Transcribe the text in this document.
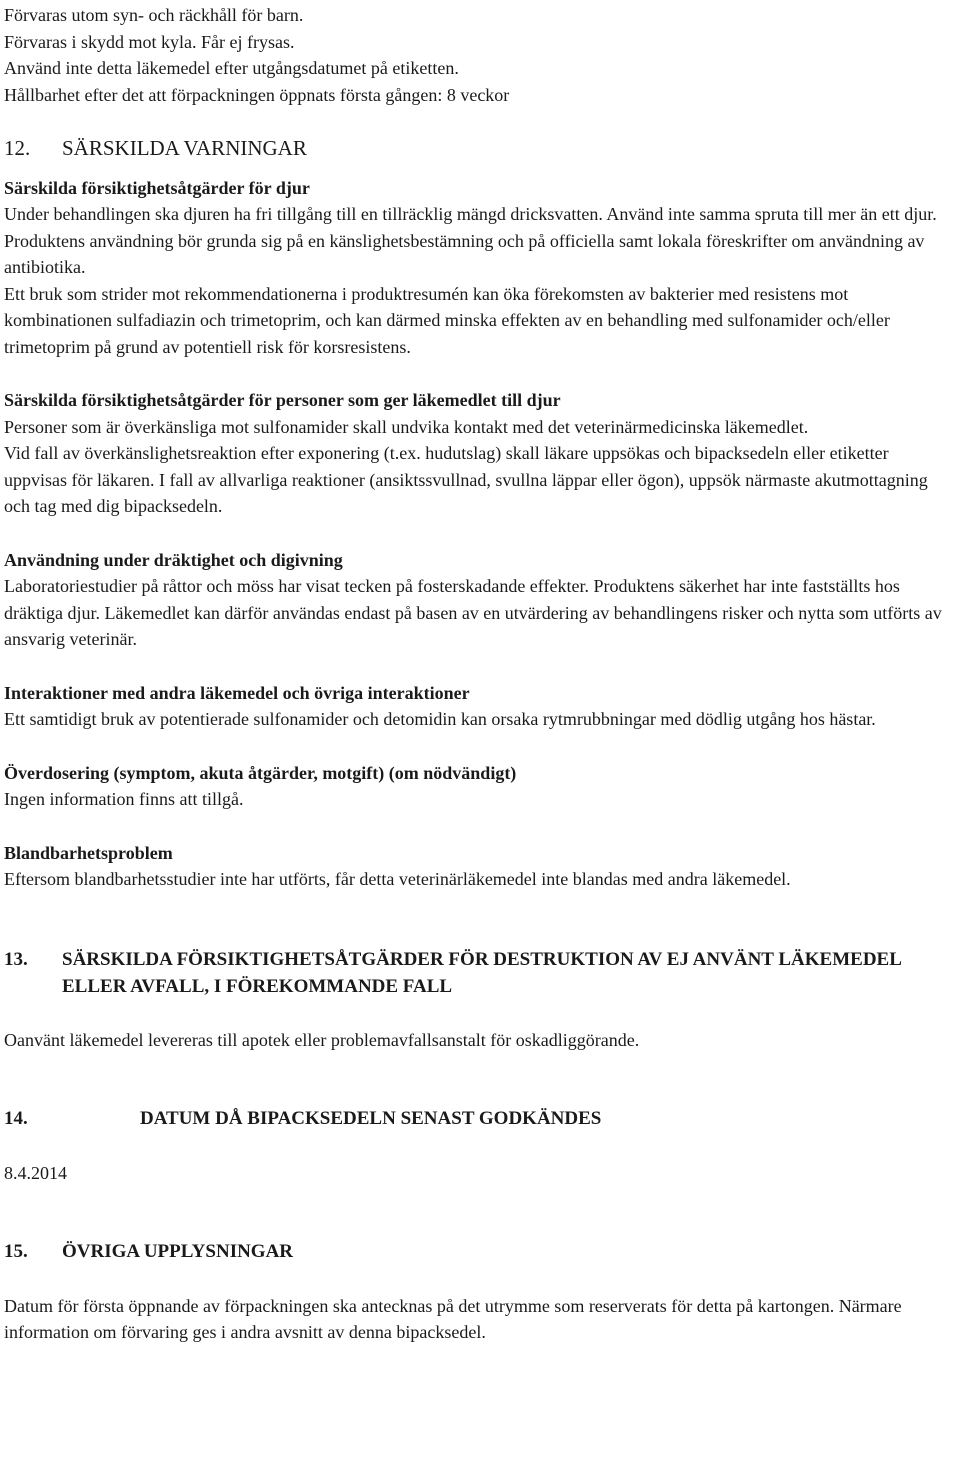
Förvaras utom syn- och räckhåll för barn.

Förvaras i skydd mot kyla. Får ej frysas.

Använd inte detta läkemedel efter utgångsdatumet på etiketten.

Hållbarhet efter det att förpackningen öppnats första gången: 8 veckor

12.	SÄRSKILDA VARNINGAR

Särskilda försiktighetsåtgärder för djur

Under behandlingen ska djuren ha fri tillgång till en tillräcklig mängd dricksvatten. Använd inte samma spruta till mer än ett djur. Produktens användning bör grunda sig på en känslighetsbestämning och på officiella samt lokala föreskrifter om användning av antibiotika.

Ett bruk som strider mot rekommendationerna i produktresumén kan öka förekomsten av bakterier med resistens mot kombinationen sulfadiazin och trimetoprim, och kan därmed minska effekten av en behandling med sulfonamider och/eller trimetoprim på grund av potentiell risk för korsresistens.

Särskilda försiktighetsåtgärder för personer som ger läkemedlet till djur

Personer som är överkänsliga mot sulfonamider skall undvika kontakt med det veterinärmedicinska läkemedlet.

Vid fall av överkänslighetsreaktion efter exponering (t.ex. hudutslag) skall läkare uppsökas och bipacksedeln eller etiketter uppvisas för läkaren. I fall av allvarliga reaktioner (ansiktssvullnad, svullna läppar eller ögon), uppsök närmaste akutmottagning och tag med dig bipacksedeln.

Användning under dräktighet och digivning

Laboratoriestudier på råttor och möss har visat tecken på fosterskadande effekter. Produktens säkerhet har inte fastställts hos dräktiga djur. Läkemedlet kan därför användas endast på basen av en utvärdering av behandlingens risker och nytta som utförts av ansvarig veterinär.

Interaktioner med andra läkemedel och övriga interaktioner

Ett samtidigt bruk av potentierade sulfonamider och detomidin kan orsaka rytmrubbningar med dödlig utgång hos hästar.

Överdosering (symptom, akuta åtgärder, motgift) (om nödvändigt)

Ingen information finns att tillgå.

Blandbarhetsproblem

Eftersom blandbarhetsstudier inte har utförts, får detta veterinärläkemedel inte blandas med andra läkemedel.

13.	SÄRSKILDA FÖRSIKTIGHETSÅTGÄRDER FÖR DESTRUKTION AV EJ ANVÄNT LÄKEMEDEL ELLER AVFALL, I FÖREKOMMANDE FALL

Oanvänt läkemedel levereras till apotek eller problemavfallsanstalt för oskadliggörande.

14.	DATUM DÅ BIPACKSEDELN SENAST GODKÄNDES

8.4.2014

15.	ÖVRIGA UPPLYSNINGAR

Datum för första öppnande av förpackningen ska antecknas på det utrymme som reserverats för detta på kartongen. Närmare information om förvaring ges i andra avsnitt av denna bipacksedel.
